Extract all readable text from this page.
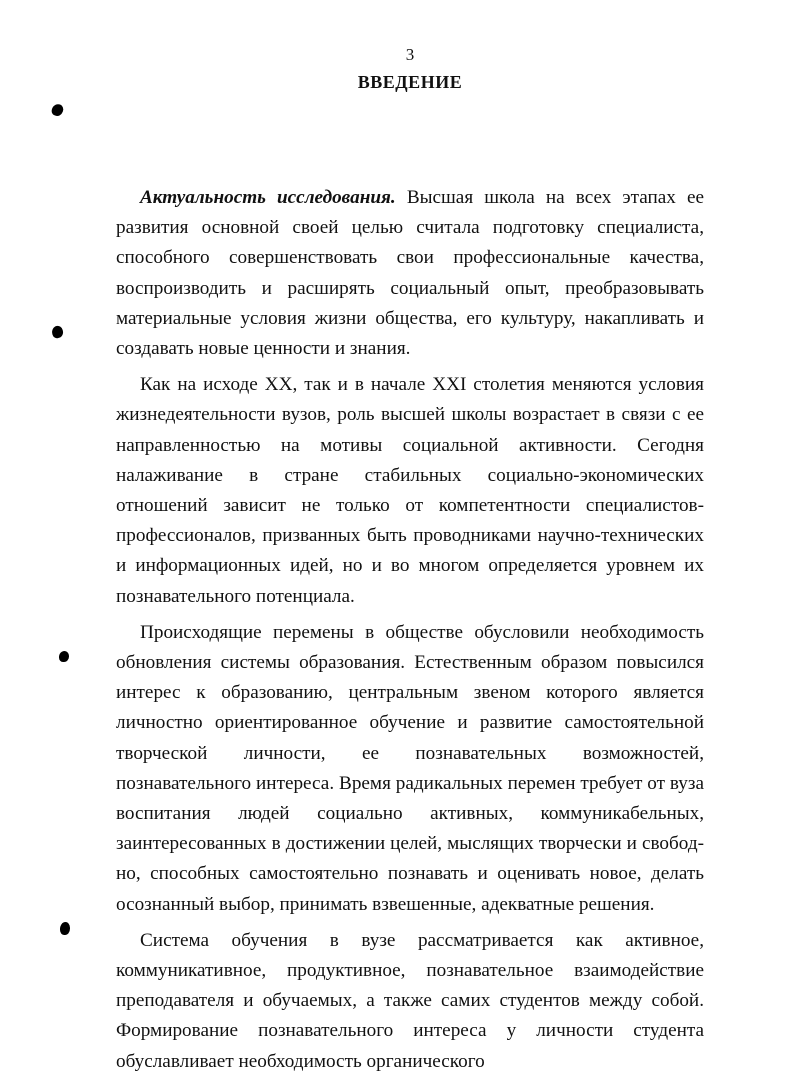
3
ВВЕДЕНИЕ

Актуальность исследования. Высшая школа на всех этапах ее развития основной своей целью считала подготовку специалиста, способного совершенствовать свои профессиональные качества, воспроизводить и расширять социальный опыт, преобразовывать материальные условия жизни общества, его культуру, накапливать и создавать новые ценности и знания.

Как на исходе XX, так и в начале XXI столетия меняются условия жизнедеятельности вузов, роль высшей школы возрастает в связи с ее направленностью на мотивы социальной активности. Сегодня налаживание в стране стабильных социально-экономических отношений зависит не только от компетентности специалистов-профессионалов, призванных быть проводниками научно-технических и информационных идей, но и во многом определяется уровнем их познавательного потенциала.

Происходящие перемены в обществе обусловили необходимость обновления системы образования. Естественным образом повысился интерес к образованию, центральным звеном которого является личностно ориентированное обучение и развитие самостоятельной творческой личности, ее познавательных возможностей, познавательного интереса. Время радикальных перемен требует от вуза воспитания людей социально активных, коммуникабельных, заинтересованных в достижении целей, мыслящих творчески и свободно, способных самостоятельно познавать и оценивать новое, делать осознанный выбор, принимать взвешенные, адекватные решения.

Система обучения в вузе рассматривается как активное, коммуникативное, продуктивное, познавательное взаимодействие преподавателя и обучаемых, а также самих студентов между собой. Формирование познавательного интереса у личности студента обуславливает необходимость органического
